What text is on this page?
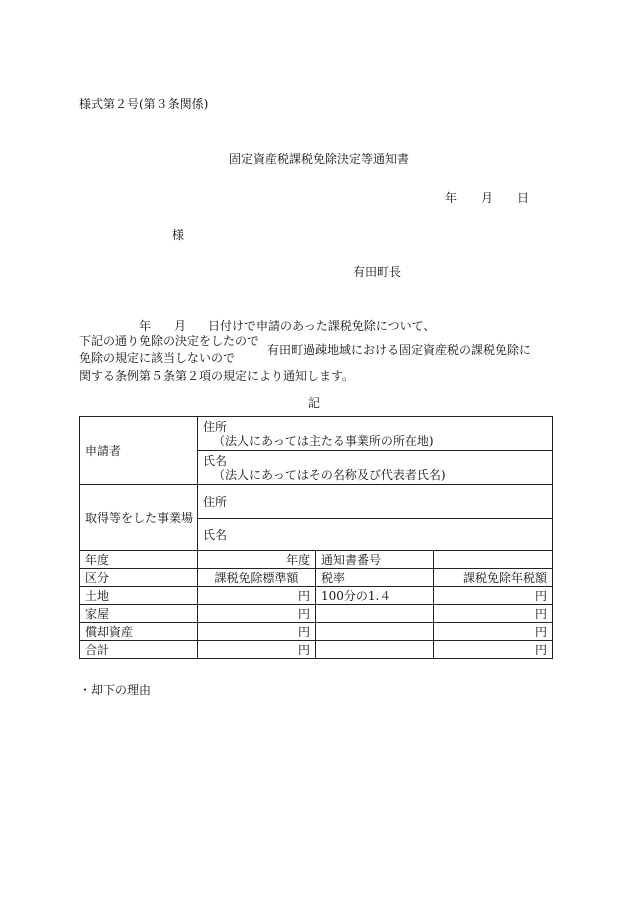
様式第２号(第３条関係)
固定資産税課税免除決定等通知書
年 月 日
様
有田町長
年 月 日付けで申請のあった課税免除について、
下記の通り免除の決定をしたので
免除の規定に該当しないので
有田町過疎地域における固定資産税の課税免除に
関する条例第５条第２項の規定により通知します。
記
申請者	住所
（法人にあっては主たる事業所の所在地)		

	氏名
（法人にあってはその名称及び代表者氏名)		

取得等をした事業場	住所		
	氏名		
年度	年度	通知書番号	
区分	課税免除標準額	税率	課税免除年税額
土地	円	100分の1.４	円
家屋	円		円
償却資産	円		円
合計	円		円
・却下の理由
